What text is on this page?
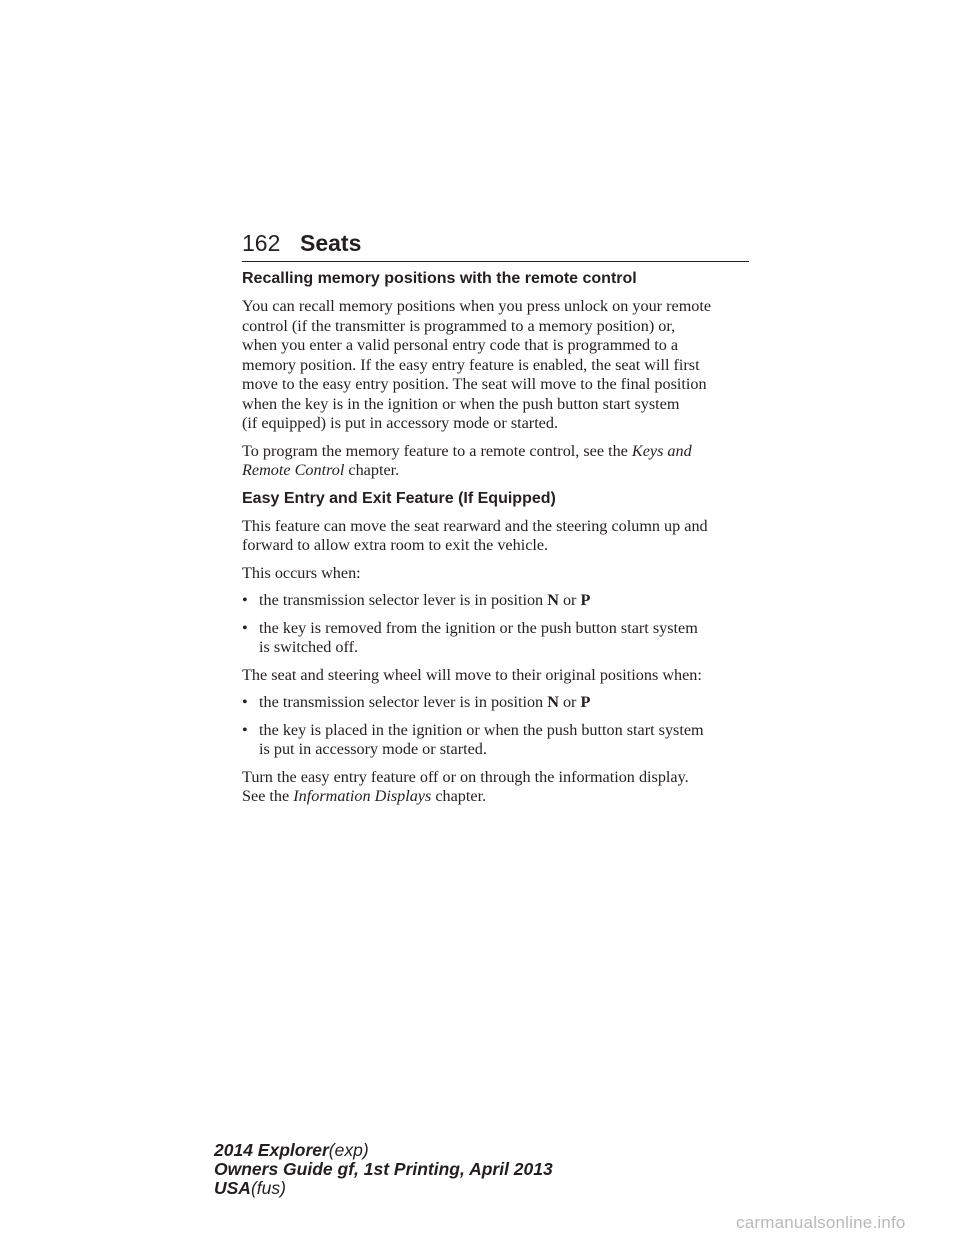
162 Seats
Recalling memory positions with the remote control

You can recall memory positions when you press unlock on your remote
control (if the transmitter is programmed to a memory position) or,
when you enter a valid personal entry code that is programmed to a
memory position. If the easy entry feature is enabled, the seat will first
move to the easy entry position. The seat will move to the final position
when the key is in the ignition or when the push button start system
(if equipped) is put in accessory mode or started.

To program the memory feature to a remote control, see the Keys and
Remote Control chapter.

Easy Entry and Exit Feature (If Equipped)

This feature can move the seat rearward and the steering column up and
forward to allow extra room to exit the vehicle.

This occurs when:

• the transmission selector lever is in position N or P
• the key is removed from the ignition or the push button start system
is switched off.

The seat and steering wheel will move to their original positions when:

• the transmission selector lever is in position N or P
• the key is placed in the ignition or when the push button start system
is put in accessory mode or started.

Turn the easy entry feature off or on through the information display.
See the Information Displays chapter.

2014 Explorer(exp)
Owners Guide gf, 1st Printing, April 2013
USA(fus)
carmanualsonline.info
